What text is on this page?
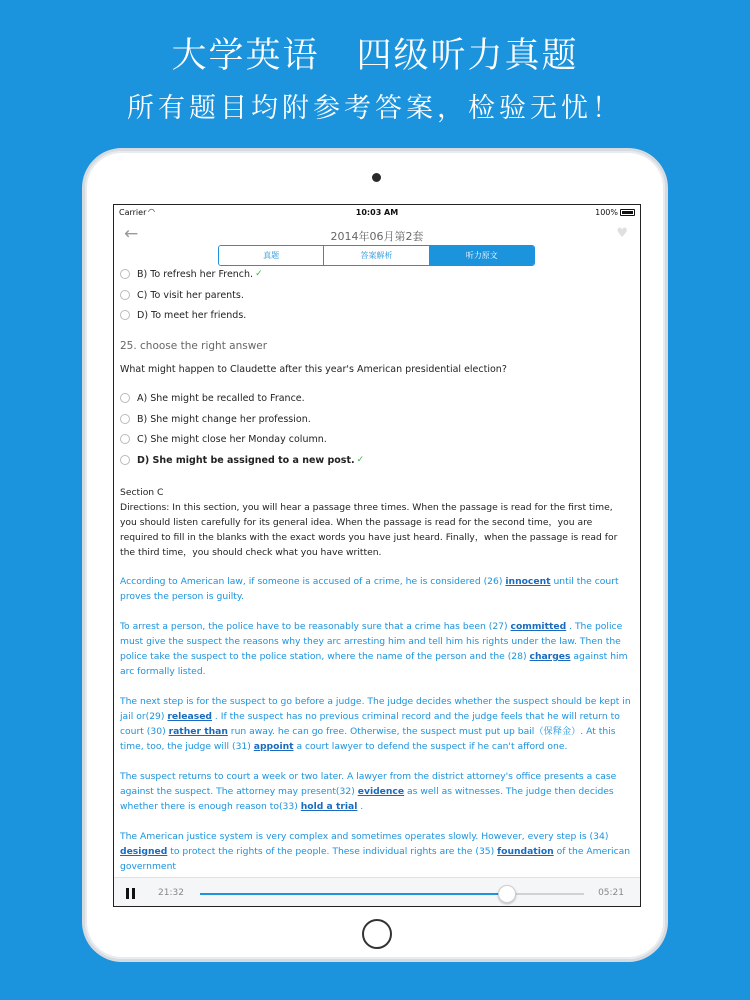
大学英语　四级听力真题
所有题目均附参考答案，检验无忧！
Carrier ◠	10:03 AM	100%
←	2014年06月第2套	♥
真题	答案解析	听力原文
B) To refresh her French. ✓
C) To visit her parents.
D) To meet her friends.
25. choose the right answer
What might happen to Claudette after this year's American presidential election?
A) She might be recalled to France.
B) She might change her profession.
C) She might close her Monday column.
D) She might be assigned to a new post. ✓
Section C
Directions: In this section, you will hear a passage three times. When the passage is read for the first time, you should listen carefully for its general idea. When the passage is read for the second time，you are required to fill in the blanks with the exact words you have just heard. Finally，when the passage is read for the third time，you should check what you have written.
According to American law, if someone is accused of a crime, he is considered (26) innocent until the court proves the person is guilty.
To arrest a person, the police have to be reasonably sure that a crime has been (27) committed . The police must give the suspect the reasons why they arc arresting him and tell him his rights under the law. Then the police take the suspect to the police station, where the name of the person and the (28) charges against him arc formally listed.
The next step is for the suspect to go before a judge. The judge decides whether the suspect should be kept in jail or(29) released . If the suspect has no previous criminal record and the judge feels that he will return to court (30) rather than run away. he can go free. Otherwise, the suspect must put up bail（保释金）. At this time, too, the judge will (31) appoint a court lawyer to defend the suspect if he can't afford one.
The suspect returns to court a week or two later. A lawyer from the district attorney's office presents a case against the suspect. The attorney may present(32) evidence as well as witnesses. The judge then decides whether there is enough reason to(33) hold a trial .
The American justice system is very complex and sometimes operates slowly. However, every step is (34) designed to protect the rights of the people. These individual rights are the (35) foundation of the American government
21:32	05:21
